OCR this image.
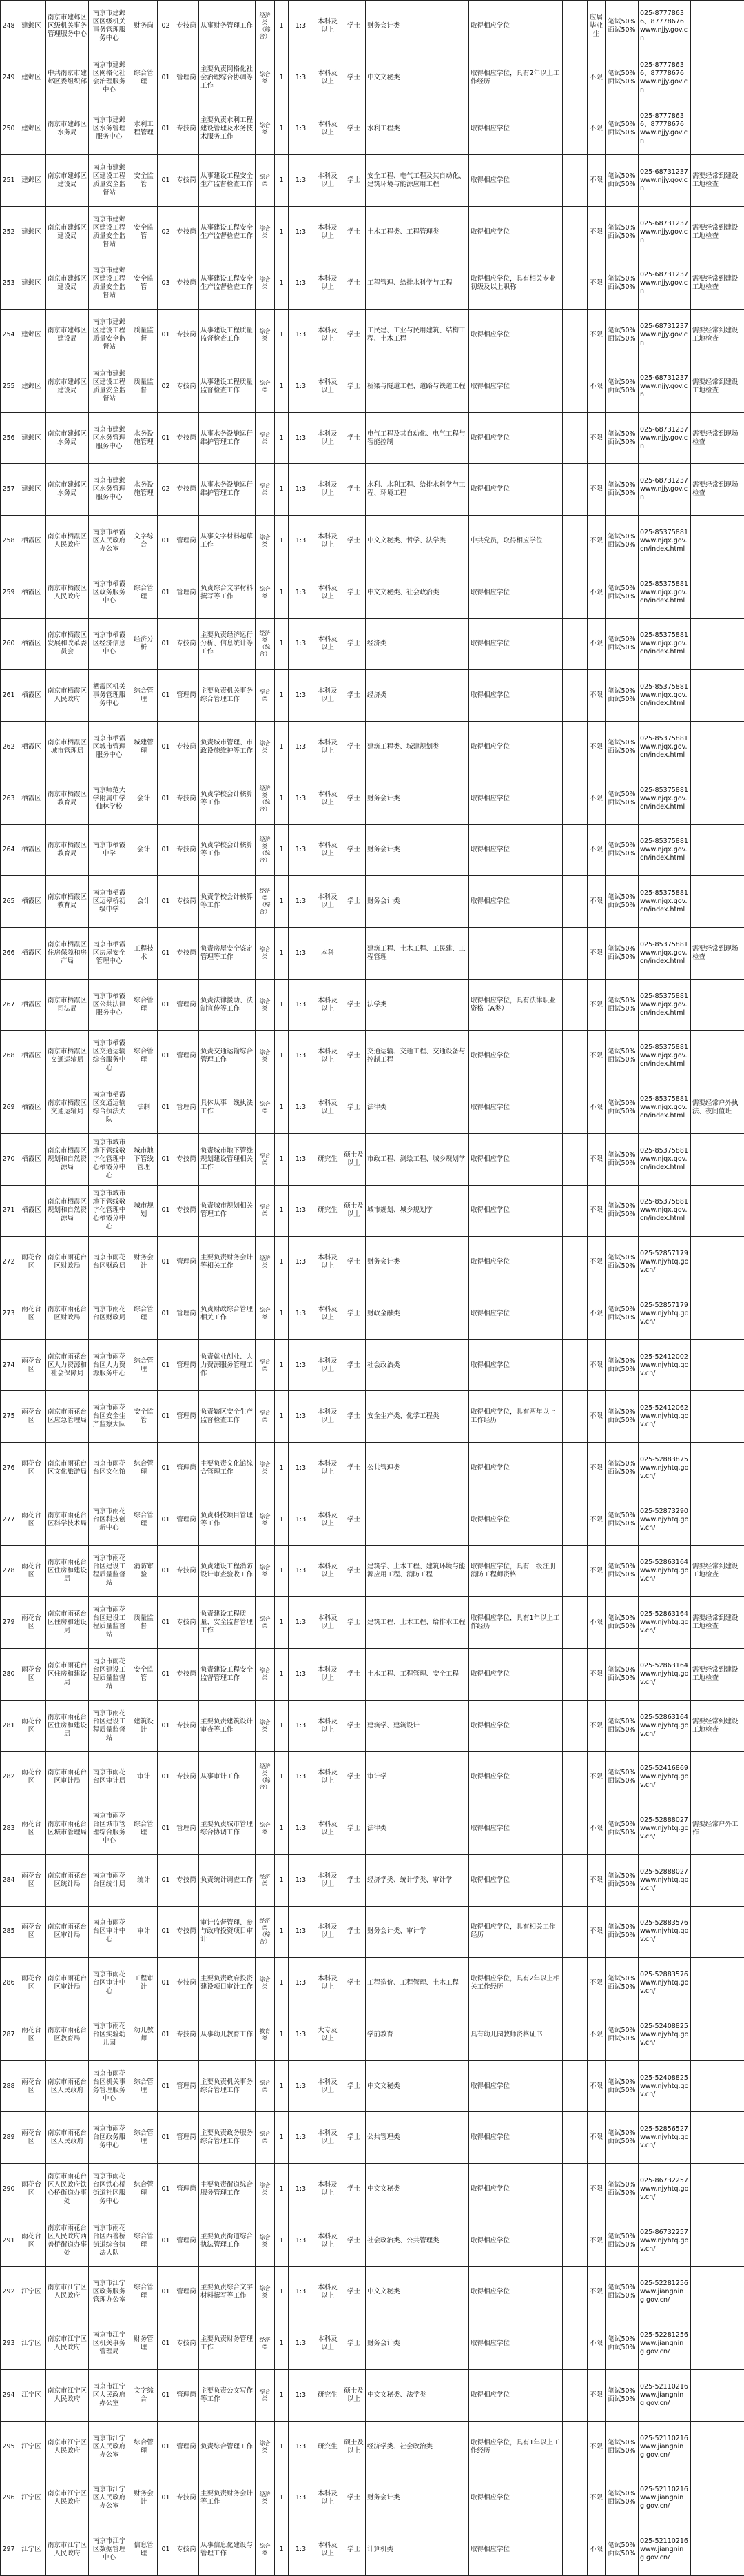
248	建邺区	南京市建邺区区级机关事务管理服务中心	南京市建邺区区级机关事务管理服务中心	财务岗	02	专技岗	从事财务管理工作	经济类（综合）	1	1:3	本科及以上	学士	财务会计类	取得相应学位		应届毕业生	笔试50% 面试50%	025-87778636、87778676 www.njjy.gov.cn	
249	建邺区	中共南京市建邺区委组织部	南京市建邺区网格化社会治理服务中心	综合管理	01	管理岗	主要负责网格化社会治理综合协调等工作	综合类	1	1:3	本科及以上	学士	中文文秘类	取得相应学位，具有2年以上工作经历		不限	笔试50% 面试50%	025-87778636、87778676 www.njjy.gov.cn	
250	建邺区	南京市建邺区水务局	南京市建邺区水务管理服务中心	水利工程管理	01	专技岗	主要负责水利工程建设管理及水务技术服务工作	综合类	1	1:3	本科及以上	学士	水利工程类	取得相应学位		不限	笔试50% 面试50%	025-87778636、87778676 www.njjy.gov.cn	
251	建邺区	南京市建邺区建设局	南京市建邺区建设工程质量安全监督站	安全监管	01	专技岗	从事建设工程安全生产监督检查工作	综合类	1	1:3	本科及以上	学士	安全工程、电气工程及其自动化、建筑环境与能源应用工程	取得相应学位		不限	笔试50% 面试50%	025-68731237 www.njjy.gov.cn	需要经常到建设工地检查
252	建邺区	南京市建邺区建设局	南京市建邺区建设工程质量安全监督站	安全监管	02	专技岗	从事建设工程安全生产监督检查工作	综合类	1	1:3	本科及以上	学士	土木工程类、工程管理类	取得相应学位		不限	笔试50% 面试50%	025-68731237 www.njjy.gov.cn	需要经常到建设工地检查
253	建邺区	南京市建邺区建设局	南京市建邺区建设工程质量安全监督站	安全监管	03	专技岗	从事建设工程安全生产监督检查工作	综合类	1	1:3	本科及以上	学士	工程管理、给排水科学与工程	取得相应学位，具有相关专业初级及以上职称		不限	笔试50% 面试50%	025-68731237 www.njjy.gov.cn	需要经常到建设工地检查
254	建邺区	南京市建邺区建设局	南京市建邺区建设工程质量安全监督站	质量监督	01	专技岗	从事建设工程质量监督检查工作	综合类	1	1:3	本科及以上	学士	工民建、工业与民用建筑、结构工程、土木工程	取得相应学位		不限	笔试50% 面试50%	025-68731237 www.njjy.gov.cn	需要经常到建设工地检查
255	建邺区	南京市建邺区建设局	南京市建邺区建设工程质量安全监督站	质量监督	02	专技岗	从事建设工程质量监督检查工作	综合类	1	1:3	本科及以上	学士	桥梁与隧道工程、道路与铁道工程	取得相应学位		不限	笔试50% 面试50%	025-68731237 www.njjy.gov.cn	需要经常到建设工地检查
256	建邺区	南京市建邺区水务局	南京市建邺区水务管理服务中心	水务设施管理	01	专技岗	从事水务设施运行维护管理工作	综合类	1	1:3	本科及以上	学士	电气工程及其自动化、电气工程与智能控制	取得相应学位		不限	笔试50% 面试50%	025-68731237 www.njjy.gov.cn	需要经常到现场检查
257	建邺区	南京市建邺区水务局	南京市建邺区水务管理服务中心	水务设施管理	02	专技岗	从事水务设施运行维护管理工作	综合类	1	1:3	本科及以上	学士	水利、水利工程、给排水科学与工程、环境工程	取得相应学位		不限	笔试50% 面试50%	025-68731237 www.njjy.gov.cn	需要经常到现场检查
258	栖霞区	南京市栖霞区人民政府	南京市栖霞区人民政府办公室	文字综合	01	管理岗	从事文字材料起草工作	综合类	1	1:3	本科及以上	学士	中文文秘类、哲学、法学类	中共党员，取得相应学位		不限	笔试50% 面试50%	025-85375881 www.njqx.gov.cn/index.html	
259	栖霞区	南京市栖霞区人民政府	南京市栖霞区政务服务中心	综合管理	01	管理岗	负责综合文字材料撰写等工作	综合类	1	1:3	本科及以上	学士	中文文秘类、社会政治类	取得相应学位		不限	笔试50% 面试50%	025-85375881 www.njqx.gov.cn/index.html	
260	栖霞区	南京市栖霞区发展和改革委员会	南京市栖霞区经济信息中心	经济分析	01	专技岗	主要负责经济运行分析、信息统计等工作	经济类（综合）	1	1:3	本科及以上	学士	经济类	取得相应学位		不限	笔试50% 面试50%	025-85375881 www.njqx.gov.cn/index.html	
261	栖霞区	南京市栖霞区人民政府	栖霞区机关事务管理服务中心	综合管理	01	管理岗	主要负责机关事务综合管理工作	综合类	1	1:3	本科及以上	学士	经济类	取得相应学位		不限	笔试50% 面试50%	025-85375881 www.njqx.gov.cn/index.html	
262	栖霞区	南京市栖霞区城市管理局	南京市栖霞区城市管理服务中心	城建管理	01	专技岗	负责城市管理、市政设施维护等工作	综合类	1	1:3	本科及以上	学士	建筑工程类、城建规划类	取得相应学位		不限	笔试50% 面试50%	025-85375881 www.njqx.gov.cn/index.html	
263	栖霞区	南京市栖霞区教育局	南京师范大学附属中学仙林学校	会计	01	专技岗	负责学校会计核算等工作	经济类（综合）	1	1:3	本科及以上	学士	财务会计类	取得相应学位		不限	笔试50% 面试50%	025-85375881 www.njqx.gov.cn/index.html	
264	栖霞区	南京市栖霞区教育局	南京市栖霞中学	会计	01	专技岗	负责学校会计核算等工作	经济类（综合）	1	1:3	本科及以上	学士	财务会计类	取得相应学位		不限	笔试50% 面试50%	025-85375881 www.njqx.gov.cn/index.html	
265	栖霞区	南京市栖霞区教育局	南京市栖霞区迈皋桥初级中学	会计	01	专技岗	负责学校会计核算等工作	经济类（综合）	1	1:3	本科及以上	学士	财务会计类	取得相应学位		不限	笔试50% 面试50%	025-85375881 www.njqx.gov.cn/index.html	
266	栖霞区	南京市栖霞区住房保障和房产局	南京市栖霞区房屋安全管理中心	工程技术	01	专技岗	负责房屋安全鉴定管理等工作	综合类	1	1:3	本科		建筑工程、土木工程、工民建、工程管理			不限	笔试50% 面试50%	025-85375881 www.njqx.gov.cn/index.html	需要经常到现场检查
267	栖霞区	南京市栖霞区司法局	南京市栖霞区公共法律服务中心	综合管理	01	管理岗	负责法律援助、法制宣传等工作	综合类	1	1:3	本科及以上	学士	法学类	取得相应学位，具有法律职业资格（A类）		不限	笔试50% 面试50%	025-85375881 www.njqx.gov.cn/index.html	
268	栖霞区	南京市栖霞区交通运输局	南京市栖霞区交通运输综合服务中心	综合管理	01	管理岗	负责交通运输综合管理工作	综合类	1	1:3	本科及以上	学士	交通运输、交通工程、交通设备与控制工程	取得相应学位		不限	笔试50% 面试50%	025-85375881 www.njqx.gov.cn/index.html	
269	栖霞区	南京市栖霞区交通运输局	南京市栖霞区交通运输综合执法大队	法制	01	管理岗	具体从事一线执法工作	综合类	1	1:3	本科及以上	学士	法律类	取得相应学位		不限	笔试50% 面试50%	025-85375881 www.njqx.gov.cn/index.html	需要经常户外执法、夜间值班
270	栖霞区	南京市栖霞区规划和自然资源局	南京市城市地下管线数字化管理中心栖霞分中心	城市地下管线管理	01	专技岗	负责城市地下管线规划建设管理相关工作	综合类	1	1:3	研究生	硕士及以上	市政工程、测绘工程、城乡规划学	取得相应学位		不限	笔试50% 面试50%	025-85375881 www.njqx.gov.cn/index.html	
271	栖霞区	南京市栖霞区规划和自然资源局	南京市城市地下管线数字化管理中心栖霞分中心	城市规划	01	专技岗	负责城市规划相关管理工作	综合类	1	1:3	研究生	硕士及以上	城市规划、城乡规划学	取得相应学位		不限	笔试50% 面试50%	025-85375881 www.njqx.gov.cn/index.html	
272	雨花台区	南京市雨花台区财政局	南京市雨花台区财政局	财务会计	01	管理岗	主要负责财务会计等相关工作	经济类	1	1:3	本科及以上	学士	财务会计类	取得相应学位		不限	笔试50% 面试50%	025-52857179 www.njyhtq.gov.cn/	
273	雨花台区	南京市雨花台区财政局	南京市雨花台区财政局	综合管理	01	管理岗	负责财政综合管理相关工作	综合类	1	1:3	本科及以上	学士	财政金融类	取得相应学位		不限	笔试50% 面试50%	025-52857179 www.njyhtq.gov.cn/	
274	雨花台区	南京市雨花台区人力资源和社会保障局	南京市雨花台区人力资源服务中心	综合管理	01	管理岗	负责就业创业、人力资源服务管理工作	综合类	1	1:3	本科及以上	学士	社会政治类	取得相应学位		不限	笔试50% 面试50%	025-52412002 www.njyhtq.gov.cn/	
275	雨花台区	南京市雨花台区应急管理局	南京市雨花台区安全生产监察大队	安全监管	01	管理岗	负责辖区安全生产监督检查工作	综合类	1	1:3	本科及以上	学士	安全生产类、化学工程类	取得相应学位，具有两年以上工作经历		不限	笔试50% 面试50%	025-52412062 www.njyhtq.gov.cn/	
276	雨花台区	南京市雨花台区文化旅游局	南京市雨花台区文化馆	综合管理	01	管理岗	主要负责文化馆综合管理工作	综合类	1	1:3	本科及以上	学士	公共管理类	取得相应学位		不限	笔试50% 面试50%	025-52883875 www.njyhtq.gov.cn/	
277	雨花台区	南京市雨花台区科学技术局	南京市雨花台区科技创新中心	综合管理	01	管理岗	负责科技项目管理等工作	综合类	1	1:3	本科及以上	学士		取得相应学位		不限	笔试50% 面试50%	025-52873290 www.njyhtq.gov.cn/	
278	雨花台区	南京市雨花台区住房和建设局	南京市雨花台区建设工程质量监督站	消防审验	01	专技岗	负责建设工程消防设计审查验收工作	综合类	1	1:3	本科及以上	学士	建筑学、土木工程、建筑环境与能源应用工程、消防工程	取得相应学位，具有一级注册消防工程师资格		不限	笔试50% 面试50%	025-52863164 www.njyhtq.gov.cn/	需要经常到建设工地检查
279	雨花台区	南京市雨花台区住房和建设局	南京市雨花台区建设工程质量监督站	质量监督	01	专技岗	负责建设工程质量、安全监督管理工作	综合类	1	1:3	本科及以上	学士	建筑工程、土木工程、给排水工程	取得相应学位，具有1年以上工作经历		不限	笔试50% 面试50%	025-52863164 www.njyhtq.gov.cn/	需要经常到建设工地检查
280	雨花台区	南京市雨花台区住房和建设局	南京市雨花台区建设工程质量监督站	安全监管	01	专技岗	负责建设工程安全监督管理工作	综合类	1	1:3	本科及以上	学士	土木工程、工程管理、安全工程	取得相应学位		不限	笔试50% 面试50%	025-52863164 www.njyhtq.gov.cn/	需要经常到建设工地检查
281	雨花台区	南京市雨花台区住房和建设局	南京市雨花台区建设工程质量监督站	建筑设计	01	专技岗	主要负责建筑设计审查等工作	综合类	1	1:3	本科及以上	学士	建筑学、建筑设计	取得相应学位		不限	笔试50% 面试50%	025-52863164 www.njyhtq.gov.cn/	需要经常到建设工地检查
282	雨花台区	南京市雨花台区审计局	南京市雨花台区审计局	审计	01	专技岗	从事审计工作	经济类（综合）	1	1:3	本科及以上	学士	审计学	取得相应学位		不限	笔试50% 面试50%	025-52416869 www.njyhtq.gov.cn/	
283	雨花台区	南京市雨花台区城市管理局	南京市雨花台区城市管理综合服务中心	综合管理	01	管理岗	主要负责城市管理综合协调工作	综合类	1	1:3	本科及以上	学士	法律类	取得相应学位		不限	笔试50% 面试50%	025-52888027 www.njyhtq.gov.cn/	需要经常户外工作
284	雨花台区	南京市雨花台区统计局	南京市雨花台区统计局	统计	01	专技岗	负责统计调查工作	经济类	1	1:3	本科及以上	学士	经济学类、统计学类、审计学	取得相应学位		不限	笔试50% 面试50%	025-52888027 www.njyhtq.gov.cn/	
285	雨花台区	南京市雨花台区审计局	南京市雨花台区审计中心	审计	01	专技岗	审计监督管理、参与政府投资项目审计	经济类（综合）	1	1:3	本科及以上	学士	财务会计类、审计学	取得相应学位，具有相关工作经历		不限	笔试50% 面试50%	025-52883576 www.njyhtq.gov.cn/	
286	雨花台区	南京市雨花台区审计局	南京市雨花台区审计中心	工程审计	01	专技岗	主要负责政府投资建设项目审计工作	综合类	1	1:3	本科及以上	学士	工程造价、工程管理、土木工程	取得相应学位，具有2年以上相关工作经历		不限	笔试50% 面试50%	025-52883576 www.njyhtq.gov.cn/	
287	雨花台区	南京市雨花台区教育局	南京市雨花台区实验幼儿园	幼儿教师	01	专技岗	从事幼儿教育工作	教育类	1	1:3	大专及以上		学前教育	具有幼儿园教师资格证书		不限	笔试50% 面试50%	025-52408825 www.njyhtq.gov.cn/	
288	雨花台区	南京市雨花台区人民政府	南京市雨花台区机关事务管理服务中心	综合管理	01	管理岗	主要负责机关事务综合管理工作	综合类	1	1:3	本科及以上	学士	中文文秘类	取得相应学位		不限	笔试50% 面试50%	025-52408825 www.njyhtq.gov.cn/	
289	雨花台区	南京市雨花台区人民政府	南京市雨花台区政务服务中心	综合管理	01	管理岗	主要负责政务服务综合管理工作	综合类	1	1:3	本科及以上	学士	公共管理类	取得相应学位		不限	笔试50% 面试50%	025-52856527 www.njyhtq.gov.cn/	
290	雨花台区	南京市雨花台区人民政府铁心桥街道办事处	南京市雨花台区铁心桥街道社区服务中心	综合管理	01	管理岗	主要负责街道综合服务管理工作	综合类	1	1:3	本科及以上	学士	中文文秘类	取得相应学位		不限	笔试50% 面试50%	025-86732257 www.njyhtq.gov.cn/	
291	雨花台区	南京市雨花台区人民政府西善桥街道办事处	南京市雨花台区西善桥街道综合执法大队	综合管理	01	管理岗	主要负责街道综合执法管理工作	综合类	1	1:3	本科及以上	学士	社会政治类、公共管理类	取得相应学位		不限	笔试50% 面试50%	025-86732257 www.njyhtq.gov.cn/	
292	江宁区	南京市江宁区人民政府	南京市江宁区政务服务管理办公室	综合管理	01	管理岗	主要负责综合文字材料撰写等工作	综合类	1	1:3	本科及以上	学士	中文文秘类	取得相应学位		不限	笔试50% 面试50%	025-52281256 www.jiangning.gov.cn/	
293	江宁区	南京市江宁区人民政府	南京市江宁区机关事务管理局	财务管理	01	专技岗	主要负责财务管理工作	经济类	1	1:3	本科及以上	学士	财务会计类	取得相应学位		不限	笔试50% 面试50%	025-52281256 www.jiangning.gov.cn/	
294	江宁区	南京市江宁区人民政府	南京市江宁区人民政府办公室	文字综合	01	管理岗	主要负责公文写作等工作	综合类	1	1:3	研究生	硕士及以上	中文文秘类、法学类	取得相应学位		不限	笔试50% 面试50%	025-52110216 www.jiangning.gov.cn/	
295	江宁区	南京市江宁区人民政府	南京市江宁区人民政府办公室	综合管理	01	管理岗	负责综合管理工作	综合类	1	1:3	研究生	硕士及以上	经济学类、社会政治类	取得相应学位，具有1年以上工作经历		不限	笔试50% 面试50%	025-52110216 www.jiangning.gov.cn/	
296	江宁区	南京市江宁区人民政府	南京市江宁区人民政府办公室	财务会计	01	专技岗	主要负责财务会计等工作	经济类	1	1:3	本科及以上	学士	财务会计类	取得相应学位		不限	笔试50% 面试50%	025-52110216 www.jiangning.gov.cn/	
297	江宁区	南京市江宁区人民政府	南京市江宁区数据管理中心	信息管理	01	专技岗	从事信息化建设与管理工作	综合类	1	1:3	本科及以上	学士	计算机类	取得相应学位		不限	笔试50% 面试50%	025-52110216 www.jiangning.gov.cn/	
